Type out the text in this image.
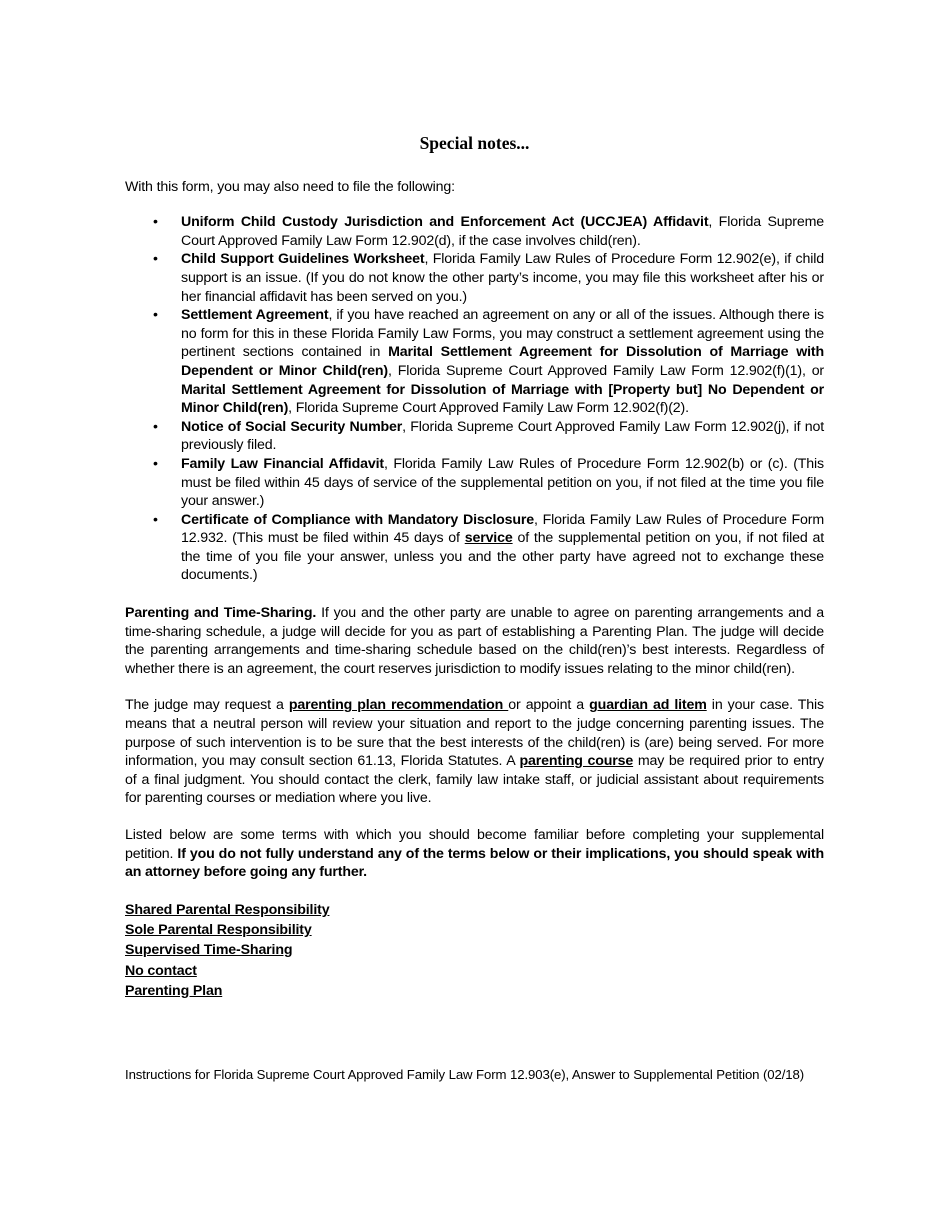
Special notes...

With this form, you may also need to file the following:

• Uniform Child Custody Jurisdiction and Enforcement Act (UCCJEA) Affidavit, Florida Supreme Court Approved Family Law Form 12.902(d), if the case involves child(ren).
• Child Support Guidelines Worksheet, Florida Family Law Rules of Procedure Form 12.902(e), if child support is an issue. (If you do not know the other party’s income, you may file this worksheet after his or her financial affidavit has been served on you.)
• Settlement Agreement, if you have reached an agreement on any or all of the issues. Although there is no form for this in these Florida Family Law Forms, you may construct a settlement agreement using the pertinent sections contained in Marital Settlement Agreement for Dissolution of Marriage with Dependent or Minor Child(ren), Florida Supreme Court Approved Family Law Form 12.902(f)(1), or Marital Settlement Agreement for Dissolution of Marriage with [Property but] No Dependent or Minor Child(ren), Florida Supreme Court Approved Family Law Form 12.902(f)(2).
• Notice of Social Security Number, Florida Supreme Court Approved Family Law Form 12.902(j), if not previously filed.
• Family Law Financial Affidavit, Florida Family Law Rules of Procedure Form 12.902(b) or (c). (This must be filed within 45 days of service of the supplemental petition on you, if not filed at the time you file your answer.)
• Certificate of Compliance with Mandatory Disclosure, Florida Family Law Rules of Procedure Form 12.932. (This must be filed within 45 days of service of the supplemental petition on you, if not filed at the time of you file your answer, unless you and the other party have agreed not to exchange these documents.)

Parenting and Time-Sharing. If you and the other party are unable to agree on parenting arrangements and a time-sharing schedule, a judge will decide for you as part of establishing a Parenting Plan. The judge will decide the parenting arrangements and time-sharing schedule based on the child(ren)’s best interests. Regardless of whether there is an agreement, the court reserves jurisdiction to modify issues relating to the minor child(ren).

The judge may request a parenting plan recommendation or appoint a guardian ad litem in your case. This means that a neutral person will review your situation and report to the judge concerning parenting issues. The purpose of such intervention is to be sure that the best interests of the child(ren) is (are) being served. For more information, you may consult section 61.13, Florida Statutes. A parenting course may be required prior to entry of a final judgment. You should contact the clerk, family law intake staff, or judicial assistant about requirements for parenting courses or mediation where you live.

Listed below are some terms with which you should become familiar before completing your supplemental petition. If you do not fully understand any of the terms below or their implications, you should speak with an attorney before going any further.

Shared Parental Responsibility
Sole Parental Responsibility
Supervised Time-Sharing
No contact
Parenting Plan
Instructions for Florida Supreme Court Approved Family Law Form 12.903(e), Answer to Supplemental Petition (02/18)
